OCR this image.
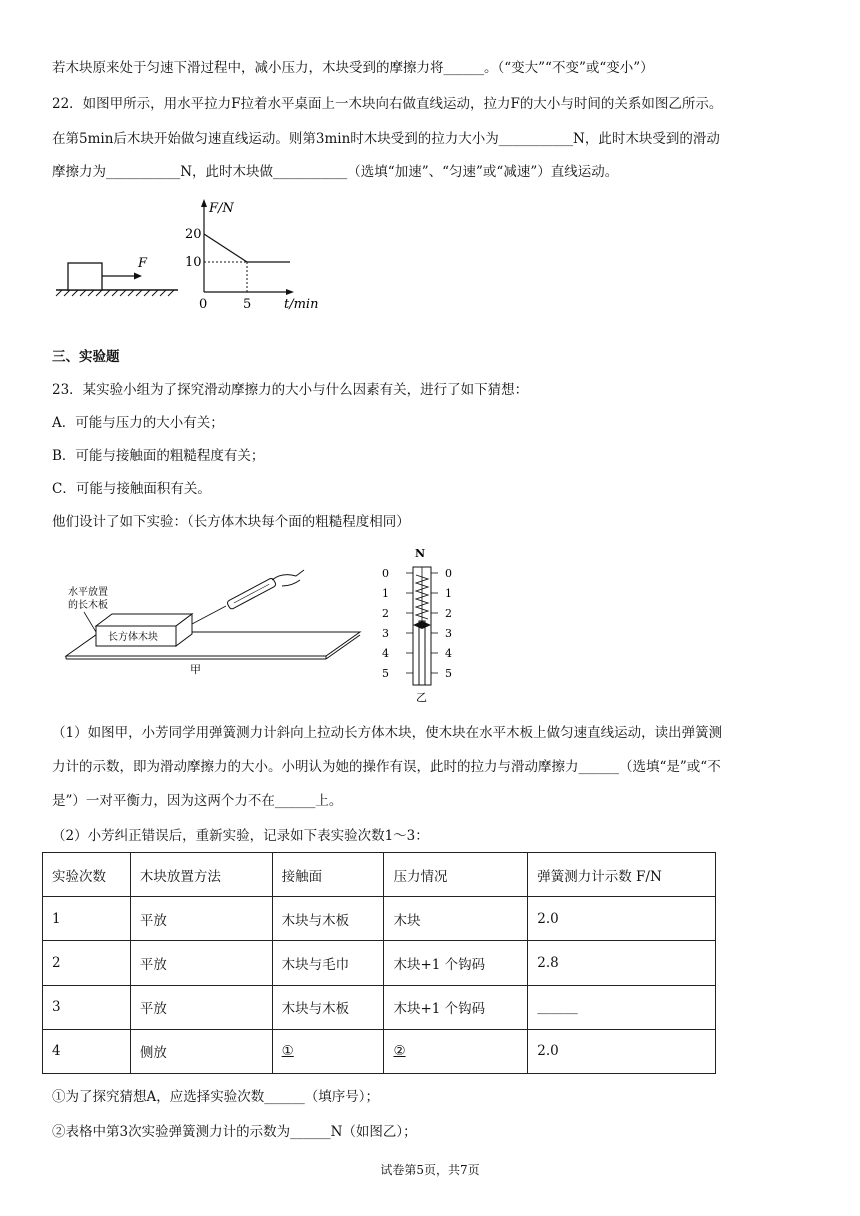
若木块原来处于匀速下滑过程中，减小压力，木块受到的摩擦力将______。（“变大”“不变”或“变小”）
22．如图甲所示，用水平拉力F拉着水平桌面上一木块向右做直线运动，拉力F的大小与时间的关系如图乙所示。
在第5min后木块开始做匀速直线运动。则第3min时木块受到的拉力大小为___________N，此时木块受到的滑动
摩擦力为___________N，此时木块做___________（选填“加速”、“匀速”或“减速”）直线运动。
F
F/N
20
10
0	5	t/min
三、实验题
23．某实验小组为了探究滑动摩擦力的大小与什么因素有关，进行了如下猜想：
A．可能与压力的大小有关；
B．可能与接触面的粗糙程度有关；
C．可能与接触面积有关。
他们设计了如下实验：（长方体木块每个面的粗糙程度相同）
水平放置
的长木板
长方体木块
甲
N
0
1
2
3
4
5
0
1
2
3
4
5
乙
（1）如图甲，小芳同学用弹簧测力计斜向上拉动长方体木块，使木块在水平木板上做匀速直线运动，读出弹簧测
力计的示数，即为滑动摩擦力的大小。小明认为她的操作有误，此时的拉力与滑动摩擦力______（选填“是”或“不
是”）一对平衡力，因为这两个力不在______上。
（2）小芳纠正错误后，重新实验，记录如下表实验次数1～3：
实验次数	木块放置方法	接触面	压力情况	弹簧测力计示数 F/N
1	平放	木块与木板	木块	2.0
2	平放	木块与毛巾	木块+1 个钩码	2.8
3	平放	木块与木板	木块+1 个钩码	______
4	侧放	①	②	2.0
①为了探究猜想A，应选择实验次数______（填序号）；
②表格中第3次实验弹簧测力计的示数为______N（如图乙）；
试卷第5页，共7页
